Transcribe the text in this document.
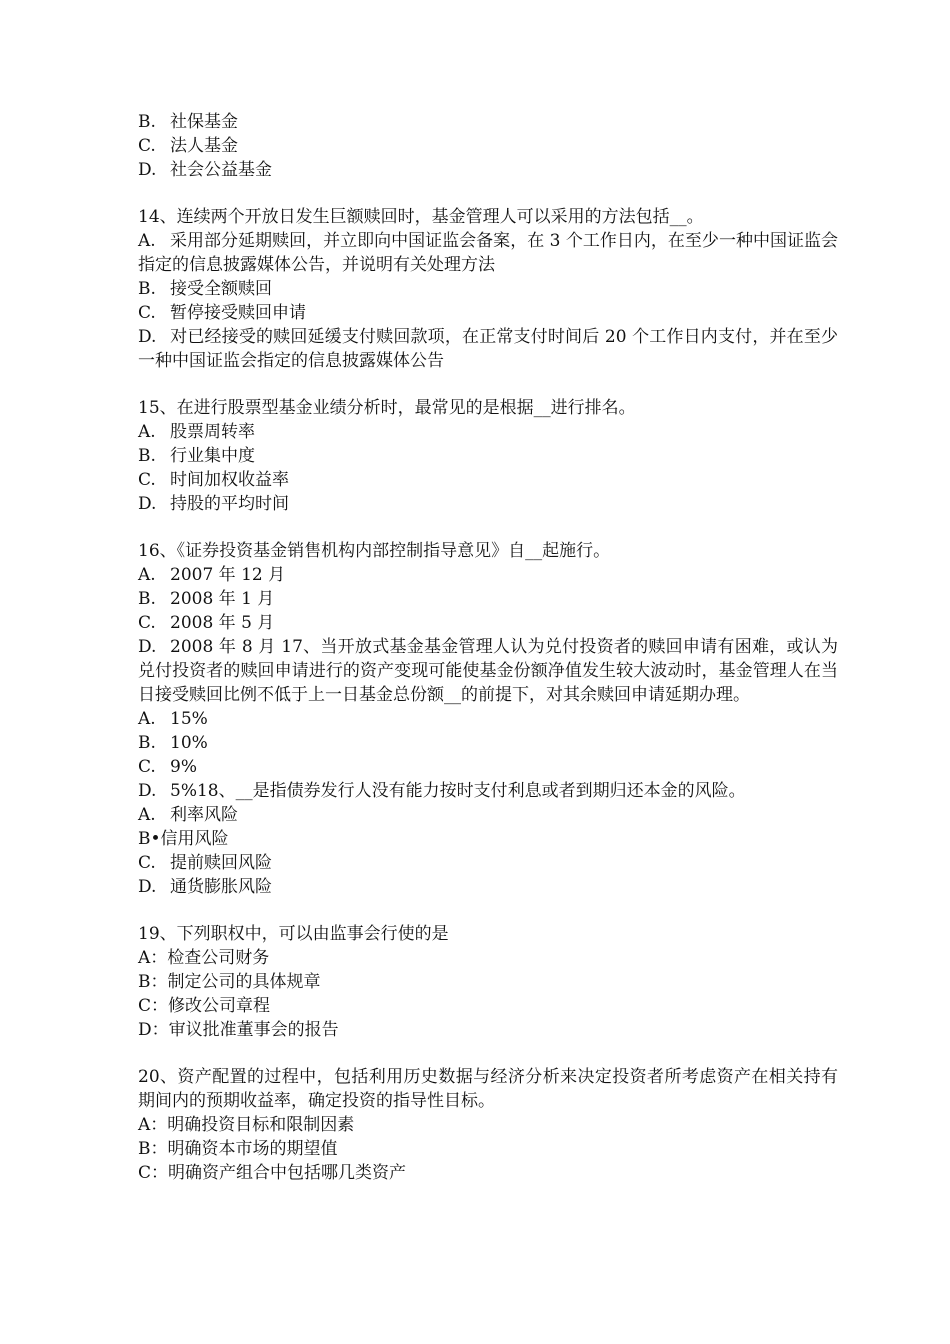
B. 社保基金
C. 法人基金
D. 社会公益基金
14、连续两个开放日发生巨额赎回时，基金管理人可以采用的方法包括__。
A. 采用部分延期赎回，并立即向中国证监会备案，在 3 个工作日内，在至少一种中国证监会指定的信息披露媒体公告，并说明有关处理方法
B. 接受全额赎回
C. 暂停接受赎回申请
D. 对已经接受的赎回延缓支付赎回款项，在正常支付时间后 20 个工作日内支付，并在至少一种中国证监会指定的信息披露媒体公告
15、在进行股票型基金业绩分析时，最常见的是根据__进行排名。
A. 股票周转率
B. 行业集中度
C. 时间加权收益率
D. 持股的平均时间
16、《证券投资基金销售机构内部控制指导意见》自__起施行。
A. 2007 年 12 月
B. 2008 年 1 月
C. 2008 年 5 月
D. 2008 年 8 月 17、当开放式基金基金管理人认为兑付投资者的赎回申请有困难，或认为兑付投资者的赎回申请进行的资产变现可能使基金份额净值发生较大波动时，基金管理人在当日接受赎回比例不低于上一日基金总份额__的前提下，对其余赎回申请延期办理。
A. 15%
B. 10%
C. 9%
D. 5%18、__是指债券发行人没有能力按时支付利息或者到期归还本金的风险。
A. 利率风险
B•信用风险
C. 提前赎回风险
D. 通货膨胀风险
19、下列职权中，可以由监事会行使的是
A：检查公司财务
B：制定公司的具体规章
C：修改公司章程
D：审议批准董事会的报告
20、资产配置的过程中，包括利用历史数据与经济分析来决定投资者所考虑资产在相关持有期间内的预期收益率，确定投资的指导性目标。
A：明确投资目标和限制因素
B：明确资本市场的期望值
C：明确资产组合中包括哪几类资产
